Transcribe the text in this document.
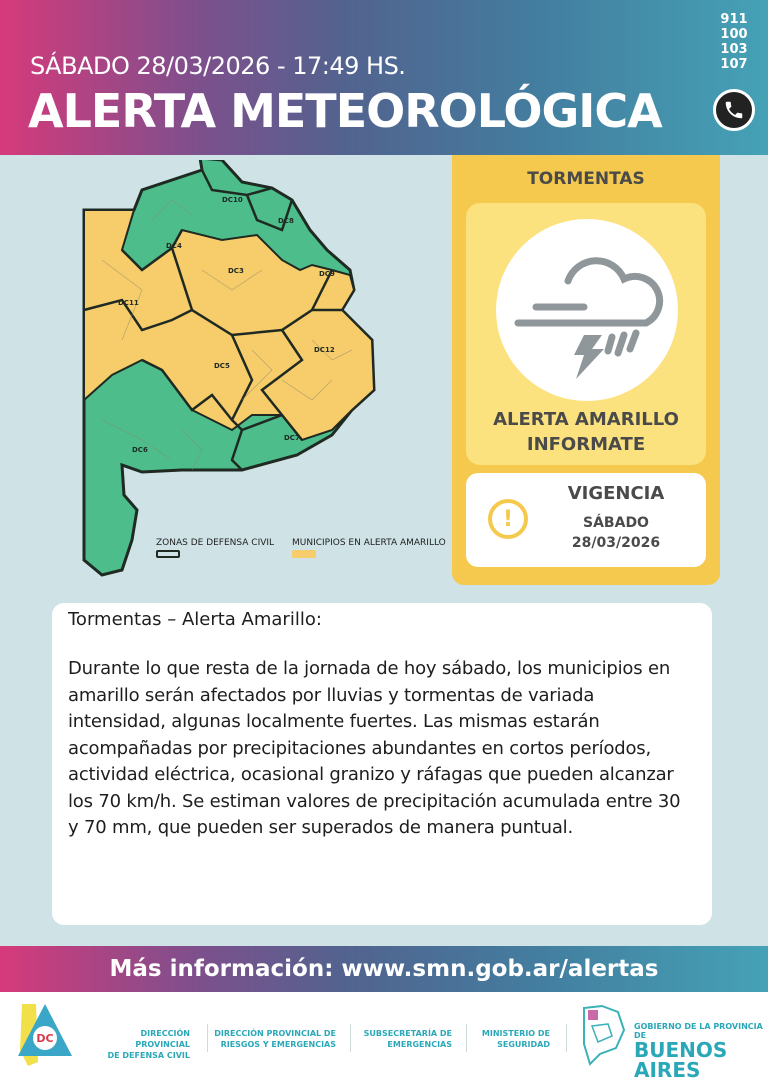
SÁBADO 28/03/2026 - 17:49 HS.
ALERTA METEOROLÓGICA
911
100
103
107
DC10
DC8
DC4
DC3	DC9
DC11
DC12
DC5
DC7
DC6
ZONAS DE DEFENSA CIVIL MUNICIPIOS EN ALERTA AMARILLO
TORMENTAS
ALERTA AMARILLO
INFORMATE
!
VIGENCIA
SÁBADO
28/03/2026
Tormentas – Alerta Amarillo:
Durante lo que resta de la jornada de hoy sábado, los municipios en amarillo serán afectados por lluvias y tormentas de variada intensidad, algunas localmente fuertes. Las mismas estarán acompañadas por precipitaciones abundantes en cortos períodos, actividad eléctrica, ocasional granizo y ráfagas que pueden alcanzar los 70 km/h. Se estiman valores de precipitación acumulada entre 30 y 70 mm, que pueden ser superados de manera puntual.
Más información: www.smn.gob.ar/alertas
DC	DIRECCIÓN PROVINCIAL
DE DEFENSA CIVIL
DIRECCIÓN PROVINCIAL DE
RIESGOS Y EMERGENCIAS
SUBSECRETARÍA DE
EMERGENCIAS
MINISTERIO DE
SEGURIDAD
GOBIERNO DE LA PROVINCIA DE
BUENOS AIRES
